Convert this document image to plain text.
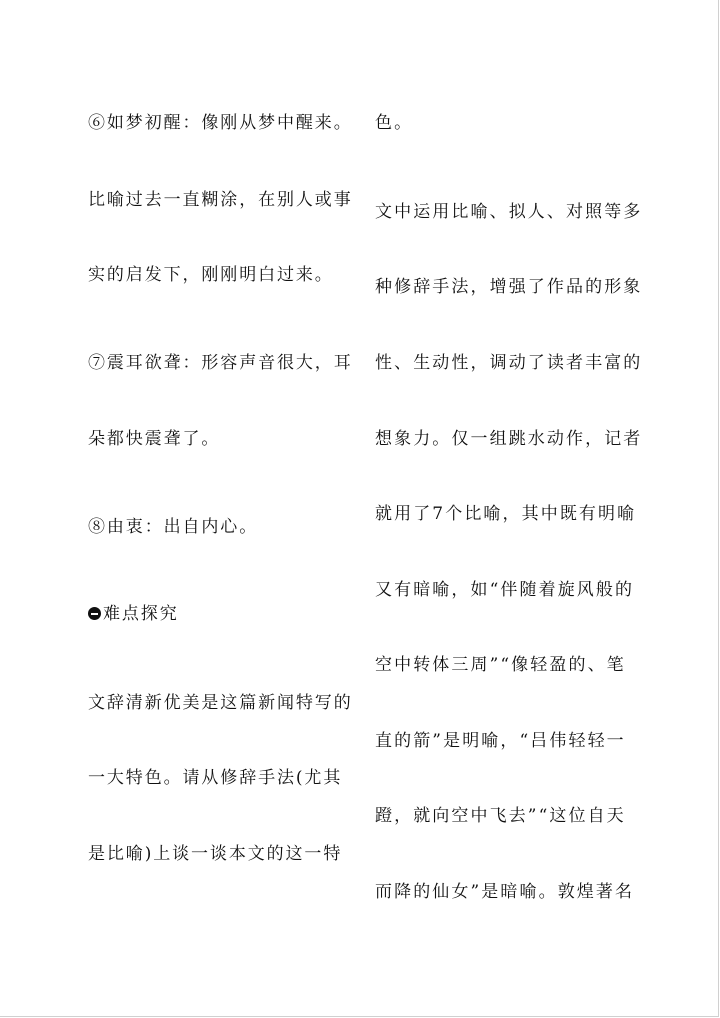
⑥如梦初醒：像刚从梦中醒来。
比喻过去一直糊涂，在别人或事
实的启发下，刚刚明白过来。
⑦震耳欲聋：形容声音很大，耳
朵都快震聋了。
⑧由衷：出自内心。
难点探究
文辞清新优美是这篇新闻特写的
一大特色。请从修辞手法(尤其
是比喻)上谈一谈本文的这一特
色。
文中运用比喻、拟人、对照等多
种修辞手法，增强了作品的形象
性、生动性，调动了读者丰富的
想象力。仅一组跳水动作，记者
就用了7个比喻，其中既有明喻
又有暗喻，如“伴随着旋风般的
空中转体三周”“像轻盈的、笔
直的箭”是明喻，“吕伟轻轻一
蹬，就向空中飞去”“这位自天
而降的仙女”是暗喻。敦煌著名
